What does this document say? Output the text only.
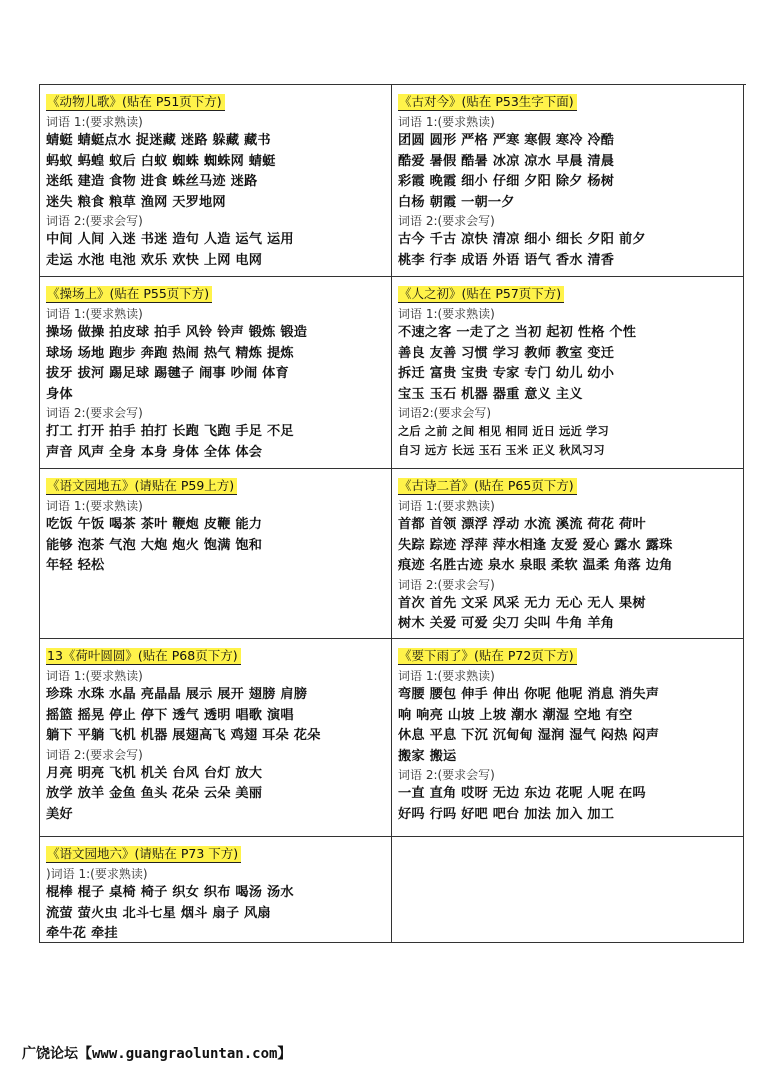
《动物儿歌》(贴在 P51页下方)
词语 1:(要求熟读)
蜻蜓 蜻蜓点水 捉迷藏 迷路 躲藏 藏书
蚂蚁 蚂蝗 蚁后 白蚁 蜘蛛 蜘蛛网 蜻蜓
迷纸 建造 食物 进食 蛛丝马迹 迷路
迷失 粮食 粮草 渔网 天罗地网
词语 2:(要求会写)
中间 人间 入迷 书迷 造句 人造 运气 运用
走运 水池 电池 欢乐 欢快 上网 电网
《古对今》(贴在 P53生字下面)
词语 1:(要求熟读)
团圆 圆形 严格 严寒 寒假 寒冷 冷酷
酷爱 暑假 酷暑 冰凉 凉水 早晨 清晨
彩霞 晚霞 细小 仔细 夕阳 除夕 杨树
白杨 朝霞 一朝一夕
词语 2:(要求会写)
古今 千古 凉快 清凉 细小 细长 夕阳 前夕
桃李 行李 成语 外语 语气 香水 清香
《操场上》(贴在 P55页下方)
词语 1:(要求熟读)
操场 做操 拍皮球 拍手 风铃 铃声 锻炼 锻造
球场 场地 跑步 奔跑 热闹 热气 精炼 提炼
拔牙 拔河 踢足球 踢毽子 闹事 吵闹 体育
身体
词语 2:(要求会写)
打工 打开 拍手 拍打 长跑 飞跑 手足 不足
声音 风声 全身 本身 身体 全体 体会
《人之初》(贴在 P57页下方)
词语 1:(要求熟读)
不速之客 一走了之 当初 起初 性格 个性
善良 友善 习惯 学习 教师 教室 变迁
拆迁 富贵 宝贵 专家 专门 幼儿 幼小
宝玉 玉石 机器 器重 意义 主义
词语2:(要求会写)
之后 之前 之间 相见 相同 近日 远近 学习
自习 远方 长远 玉石 玉米 正义 秋风习习
《语文园地五》(请贴在 P59上方)
词语 1:(要求熟读)
吃饭 午饭 喝茶 茶叶 鞭炮 皮鞭 能力
能够 泡茶 气泡 大炮 炮火 饱满 饱和
年轻 轻松
《古诗二首》(贴在 P65页下方)
词语 1:(要求熟读)
首都 首领 漂浮 浮动 水流 溪流 荷花 荷叶
失踪 踪迹 浮萍 萍水相逢 友爱 爱心 露水 露珠
痕迹 名胜古迹 泉水 泉眼 柔软 温柔 角落 边角
词语 2:(要求会写)
首次 首先 文采 风采 无力 无心 无人 果树
树木 关爱 可爱 尖刀 尖叫 牛角 羊角
13《荷叶圆圆》(贴在 P68页下方)
词语 1:(要求熟读)
珍珠 水珠 水晶 亮晶晶 展示 展开 翅膀 肩膀
摇篮 摇晃 停止 停下 透气 透明 唱歌 演唱
躺下 平躺 飞机 机器 展翅高飞 鸡翅 耳朵 花朵
词语 2:(要求会写)
月亮 明亮 飞机 机关 台风 台灯 放大
放学 放羊 金鱼 鱼头 花朵 云朵 美丽
美好
《要下雨了》(贴在 P72页下方)
词语 1:(要求熟读)
弯腰 腰包 伸手 伸出 你呢 他呢 消息 消失声
响 响亮 山坡 上坡 潮水 潮湿 空地 有空
休息 平息 下沉 沉甸甸 湿润 湿气 闷热 闷声
搬家 搬运
词语 2:(要求会写)
一直 直角 哎呀 无边 东边 花呢 人呢 在吗
好吗 行吗 好吧 吧台 加法 加入 加工
《语文园地六》(请贴在 P73 下方)
)词语 1:(要求熟读)
棍棒 棍子 桌椅 椅子 织女 织布 喝汤 汤水
流萤 萤火虫 北斗七星 烟斗 扇子 风扇
牵牛花 牵挂
广饶论坛【www.guangraoluntan.com】
